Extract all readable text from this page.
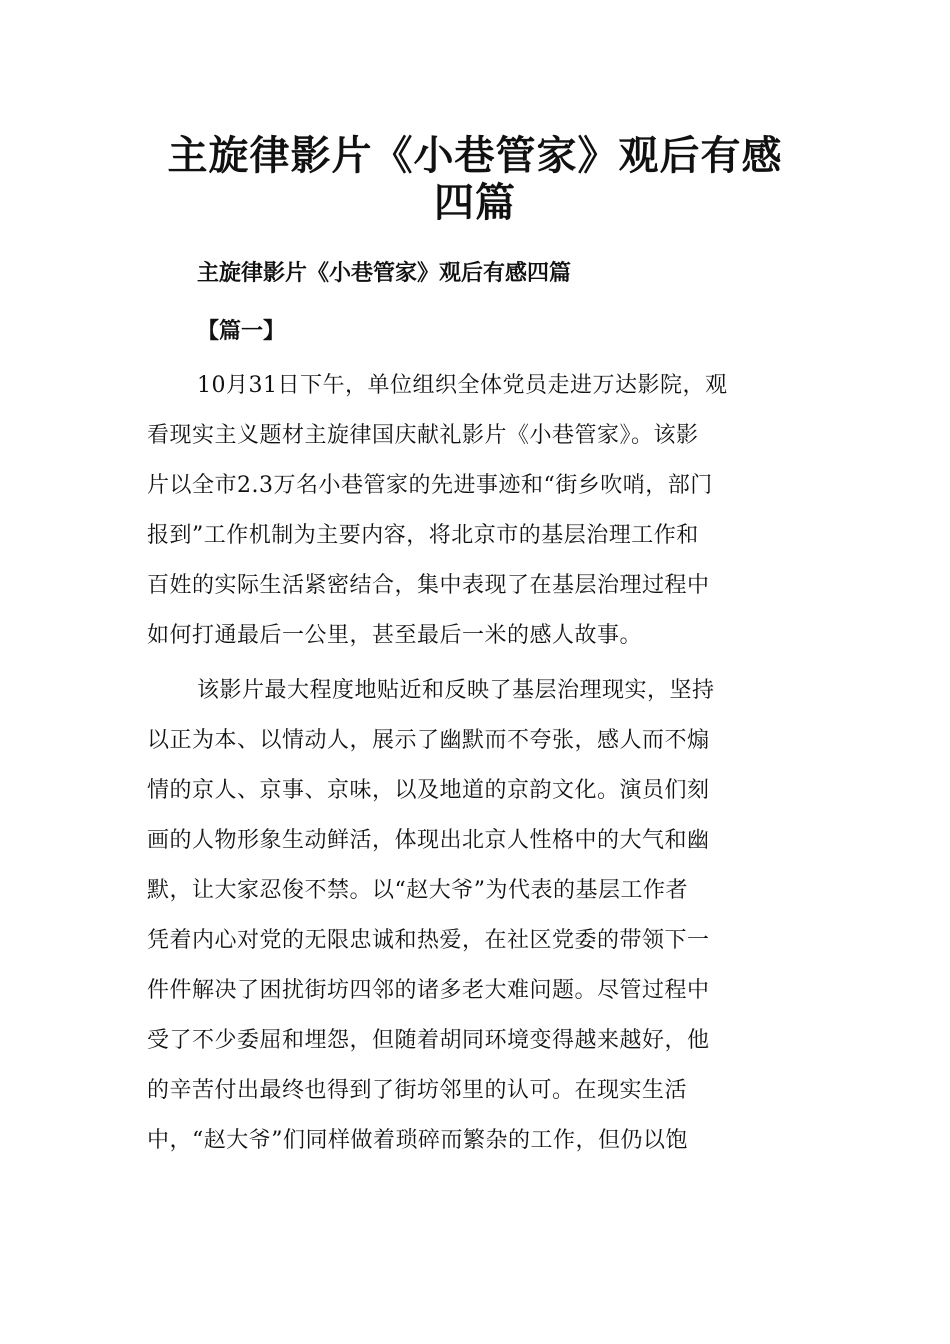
主旋律影片《小巷管家》观后有感
四篇

主旋律影片《小巷管家》观后有感四篇

【篇一】

10月31日下午，单位组织全体党员走进万达影院，观

看现实主义题材主旋律国庆献礼影片《小巷管家》。该影

片以全市2.3万名小巷管家的先进事迹和“街乡吹哨，部门

报到”工作机制为主要内容，将北京市的基层治理工作和

百姓的实际生活紧密结合，集中表现了在基层治理过程中

如何打通最后一公里，甚至最后一米的感人故事。

该影片最大程度地贴近和反映了基层治理现实，坚持

以正为本、以情动人，展示了幽默而不夸张，感人而不煽

情的京人、京事、京味，以及地道的京韵文化。演员们刻

画的人物形象生动鲜活，体现出北京人性格中的大气和幽

默，让大家忍俊不禁。以“赵大爷”为代表的基层工作者

凭着内心对党的无限忠诚和热爱，在社区党委的带领下一

件件解决了困扰街坊四邻的诸多老大难问题。尽管过程中

受了不少委屈和埋怨，但随着胡同环境变得越来越好，他

的辛苦付出最终也得到了街坊邻里的认可。在现实生活

中，“赵大爷”们同样做着琐碎而繁杂的工作，但仍以饱
